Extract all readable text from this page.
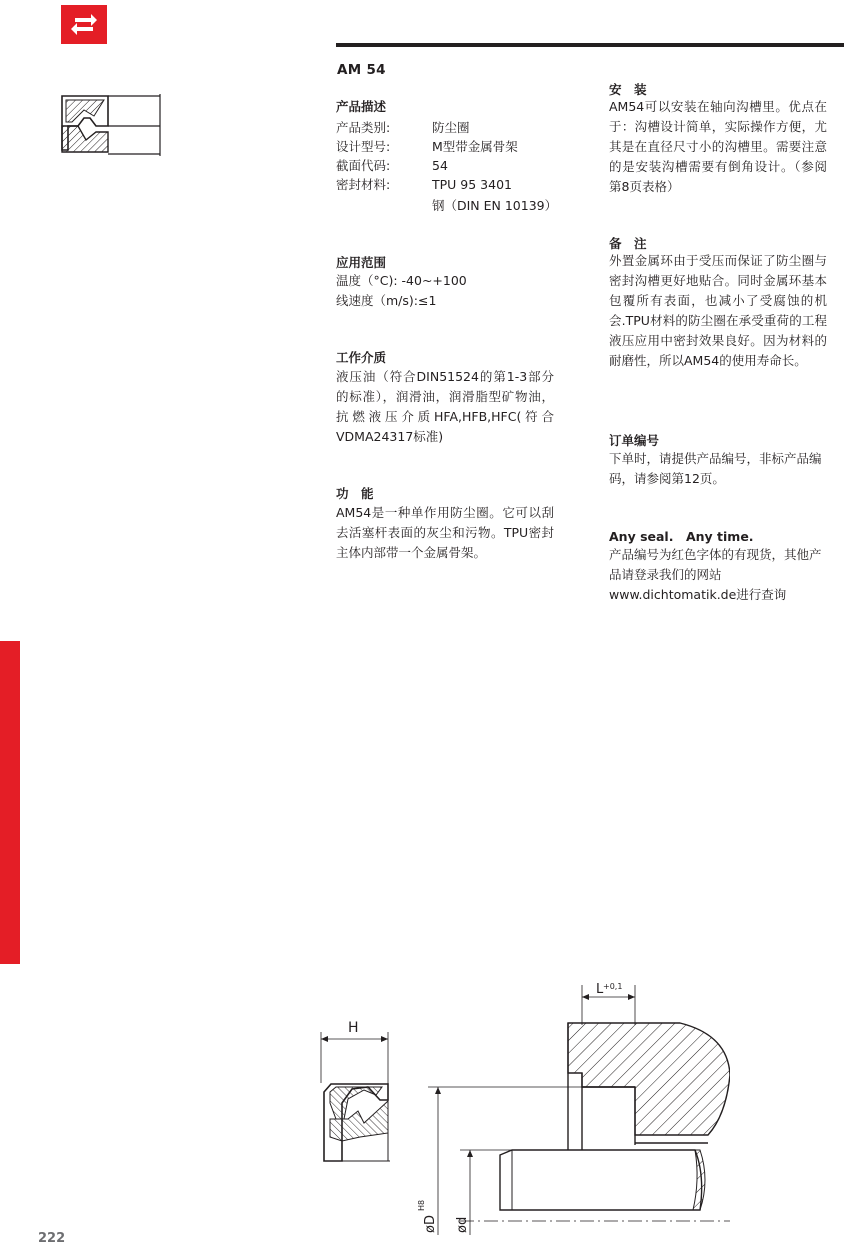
AM 54
产品描述
产品类别:	防尘圈
设计型号:	M型带金属骨架
截面代码:	54
密封材料:	TPU 95 3401
钢（DIN EN 10139）
应用范围
温度（°C): -40~+100
线速度（m/s):≤1
工作介质
液压油（符合DIN51524的第1-3部分的标准），润滑油，润滑脂型矿物油，抗燃液压介质HFA,HFB,HFC(符合VDMA24317标准)
功　能
AM54是一种单作用防尘圈。它可以刮去活塞杆表面的灰尘和污物。TPU密封主体内部带一个金属骨架。
安　装
AM54可以安装在轴向沟槽里。优点在于：沟槽设计简单，实际操作方便，尤其是在直径尺寸小的沟槽里。需要注意的是安装沟槽需要有倒角设计。（参阅第8页表格）
备　注
外置金属环由于受压而保证了防尘圈与密封沟槽更好地贴合。同时金属环基本包覆所有表面，也减小了受腐蚀的机会.TPU材料的防尘圈在承受重荷的工程液压应用中密封效果良好。因为材料的耐磨性，所以AM54的使用寿命长。
订单编号
下单时，请提供产品编号，非标产品编码，请参阅第12页。
Any seal.　Any time.
产品编号为红色字体的有现货，其他产品请登录我们的网站www.dichtomatik.de进行查询
H
L +0,1
øD
H8
ød
222
